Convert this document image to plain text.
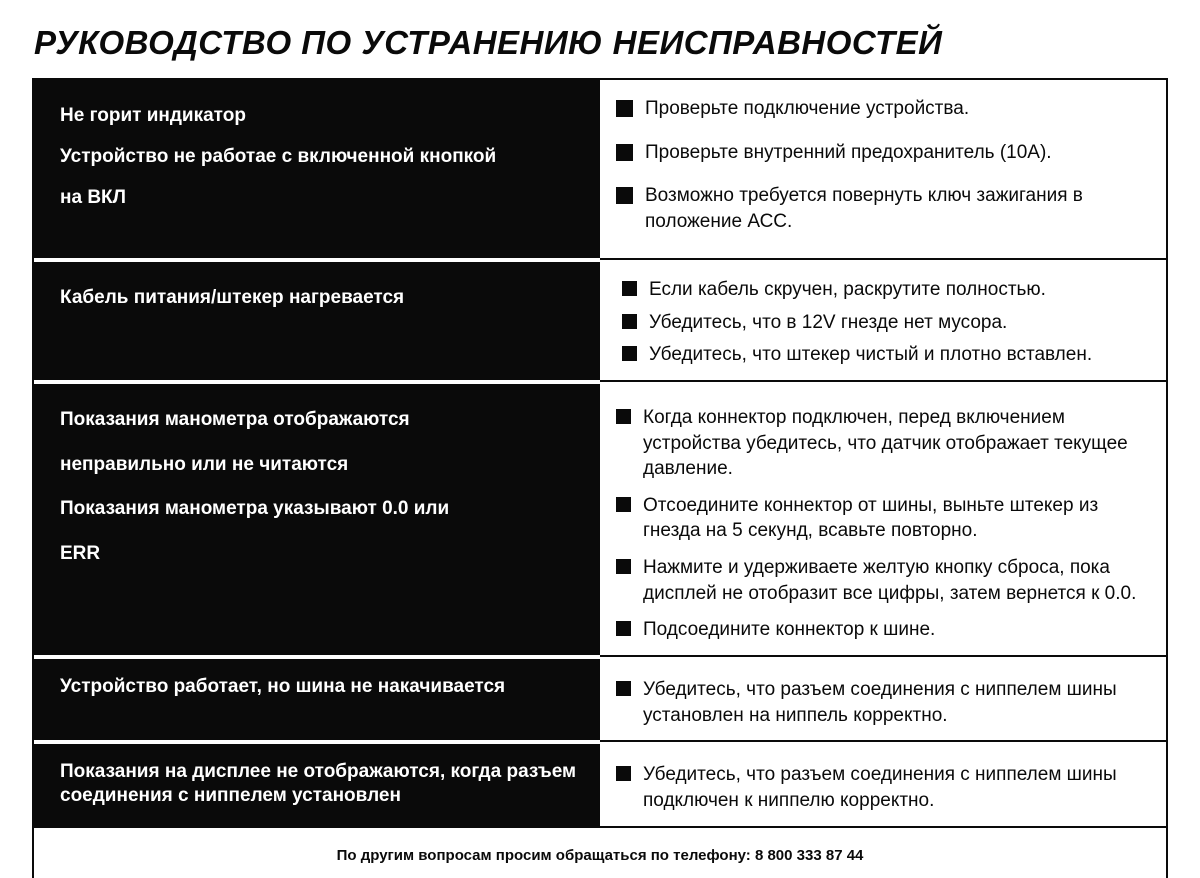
РУКОВОДСТВО ПО УСТРАНЕНИЮ НЕИСПРАВНОСТЕЙ
Не горит индикатор
Устройство не работае с включенной кнопкой
на ВКЛ
Проверьте подключение устройства.
Проверьте внутренний предохранитель (10А).
Возможно требуется повернуть ключ зажигания в положение АСС.
Кабель питания/штекер нагревается	Если кабель скручен, раскрутите полностью.
Убедитесь, что в 12V гнезде нет мусора.
Убедитесь, что штекер чистый и плотно вставлен.
Показания манометра отображаются
неправильно или не читаются
Показания манометра указывают 0.0 или
ERR
Когда коннектор подключен, перед включением устройства убедитесь, что датчик отображает текущее давление.
Отсоедините коннектор от шины, выньте штекер из гнезда на 5 секунд, всавьте повторно.
Нажмите и удерживаете желтую кнопку сброса, пока дисплей не отобразит все цифры, затем вернется к 0.0.
Подсоедините коннектор к шине.
Устройство работает, но шина не накачивается	Убедитесь, что разъем соединения с ниппелем шины установлен на ниппель корректно.
Показания на дисплее не отображаются, когда разъем соединения с ниппелем установлен
Убедитесь, что разъем соединения с ниппелем шины подключен к ниппелю корректно.
По другим вопросам просим обращаться по телефону: 8 800 333 87 44
